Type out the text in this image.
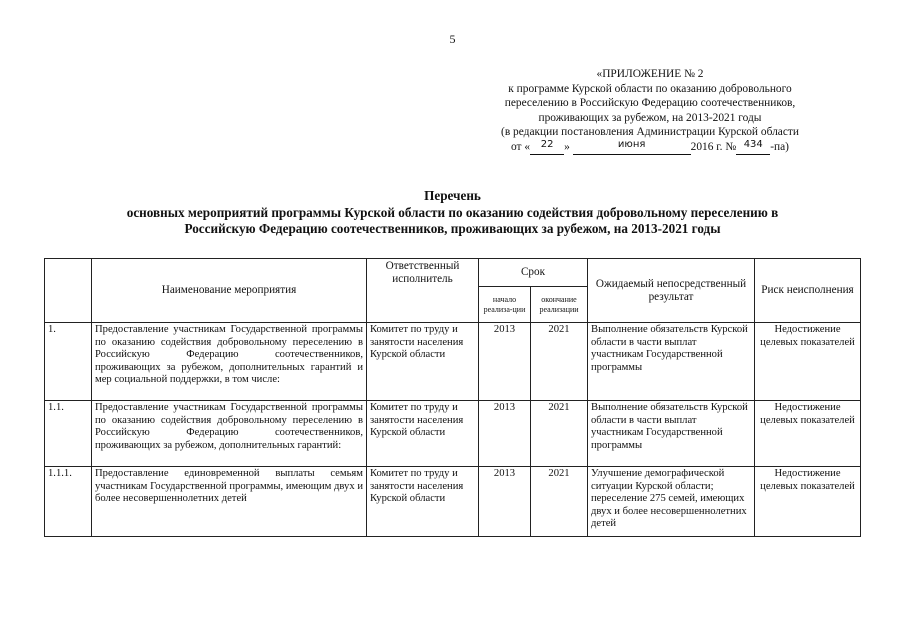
5
«ПРИЛОЖЕНИЕ № 2
к программе Курской области по оказанию добровольного
переселению в Российскую Федерацию соотечественников,
проживающих за рубежом, на 2013-2021 годы
(в редакции постановления Администрации Курской области
от « 22 »	июня	2016 г. № 434 -па)
Перечень
основных мероприятий программы Курской области по оказанию содействия добровольному переселению в
Российскую Федерацию соотечественников, проживающих за рубежом, на 2013-2021 годы
	Наименование мероприятия	Ответственный исполнитель	Срок		Ожидаемый непосредственный результат	Риск неисполнения
			начало реализа-ции	окончание реализации		
1.	Предоставление участникам Государственной программы по оказанию содействия добровольному переселению в Российскую Федерацию соотечественников, проживающих за рубежом, дополнительных гарантий и мер социальной поддержки, в том числе:	Комитет по труду и занятости населения Курской области	2013	2021	Выполнение обязательств Курской области в части выплат участникам Государственной программы	Недостижение целевых показателей
1.1.	Предоставление участникам Государственной программы по оказанию содействия добровольному переселению в Российскую Федерацию соотечественников, проживающих за рубежом, дополнительных гарантий:	Комитет по труду и занятости населения Курской области	2013	2021	Выполнение обязательств Курской области в части выплат участникам Государственной программы	Недостижение целевых показателей
1.1.1.	Предоставление единовременной выплаты семьям участникам Государственной программы, имеющим двух и более несовершеннолетних детей	Комитет по труду и занятости населения Курской области	2013	2021	Улучшение демографической ситуации Курской области; переселение 275 семей, имеющих двух и более несовершеннолетних детей	Недостижение целевых показателей
